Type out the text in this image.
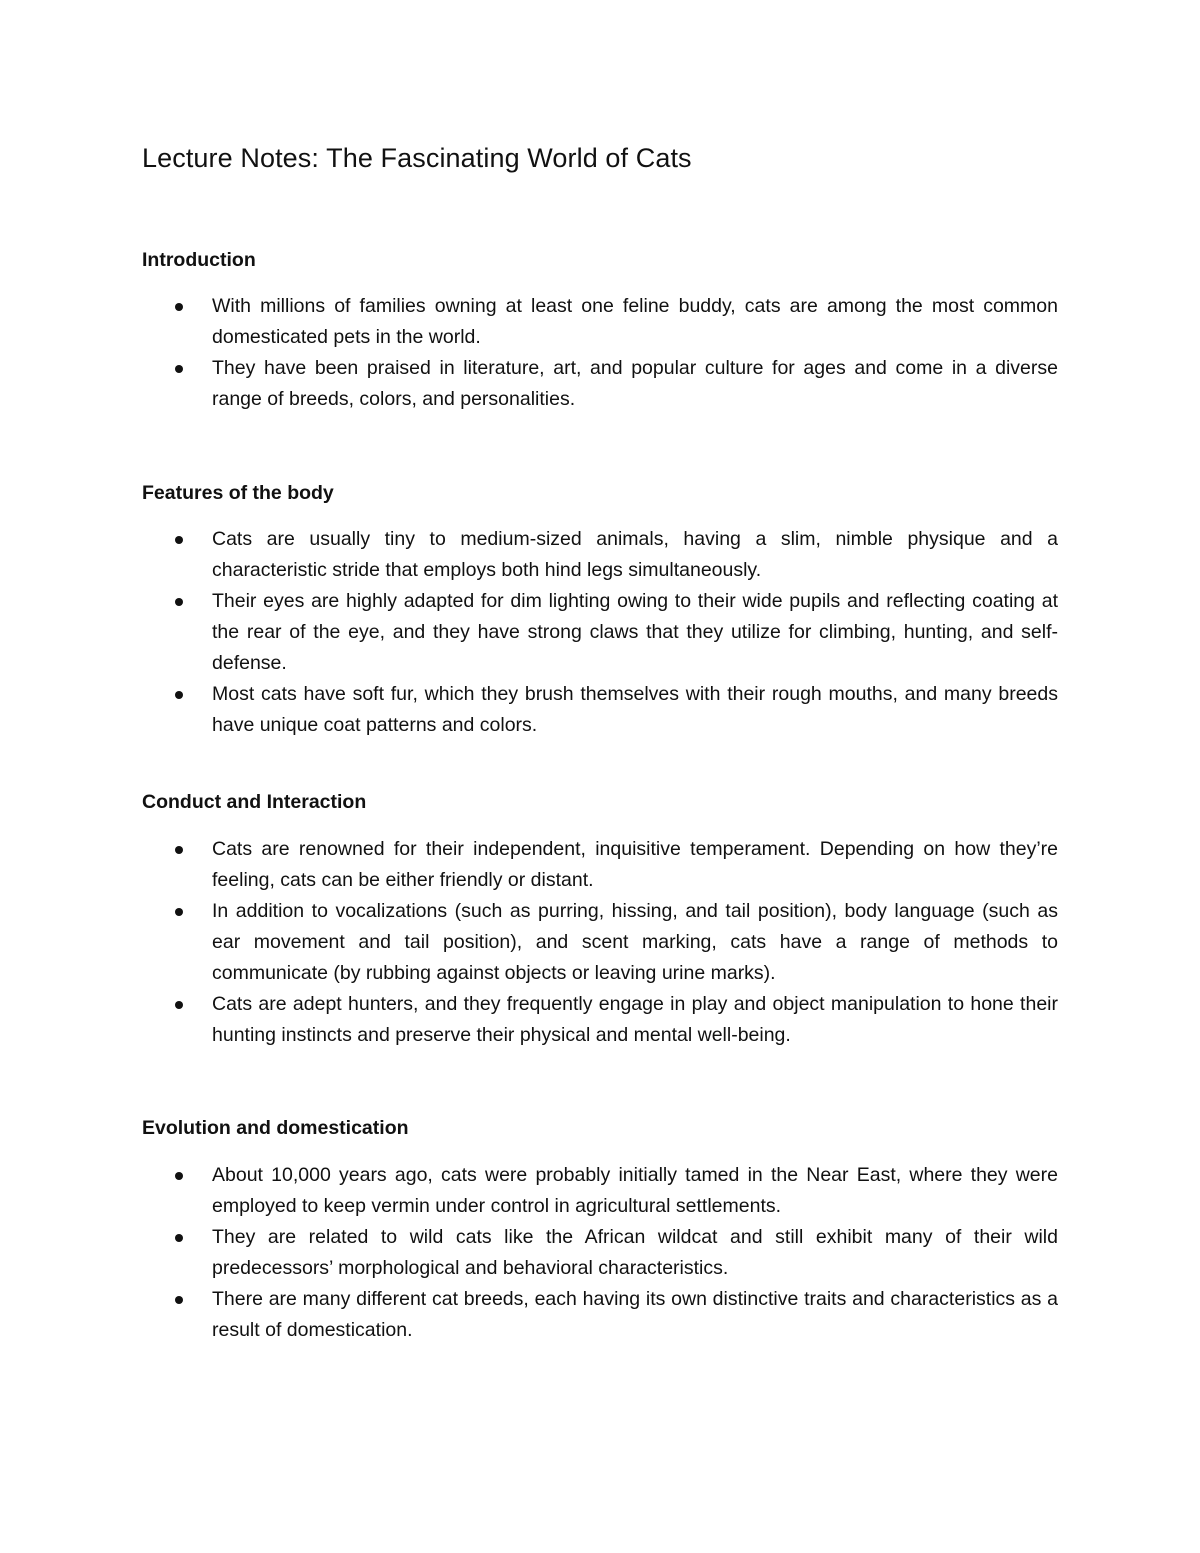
Lecture Notes: The Fascinating World of Cats
Introduction
With millions of families owning at least one feline buddy, cats are among the most common domesticated pets in the world.
They have been praised in literature, art, and popular culture for ages and come in a diverse range of breeds, colors, and personalities.
Features of the body
Cats are usually tiny to medium-sized animals, having a slim, nimble physique and a characteristic stride that employs both hind legs simultaneously.
Their eyes are highly adapted for dim lighting owing to their wide pupils and reflecting coating at the rear of the eye, and they have strong claws that they utilize for climbing, hunting, and self-defense.
Most cats have soft fur, which they brush themselves with their rough mouths, and many breeds have unique coat patterns and colors.
Conduct and Interaction
Cats are renowned for their independent, inquisitive temperament. Depending on how they’re feeling, cats can be either friendly or distant.
In addition to vocalizations (such as purring, hissing, and tail position), body language (such as ear movement and tail position), and scent marking, cats have a range of methods to communicate (by rubbing against objects or leaving urine marks).
Cats are adept hunters, and they frequently engage in play and object manipulation to hone their hunting instincts and preserve their physical and mental well-being.
Evolution and domestication
About 10,000 years ago, cats were probably initially tamed in the Near East, where they were employed to keep vermin under control in agricultural settlements.
They are related to wild cats like the African wildcat and still exhibit many of their wild predecessors’ morphological and behavioral characteristics.
There are many different cat breeds, each having its own distinctive traits and characteristics as a result of domestication.
